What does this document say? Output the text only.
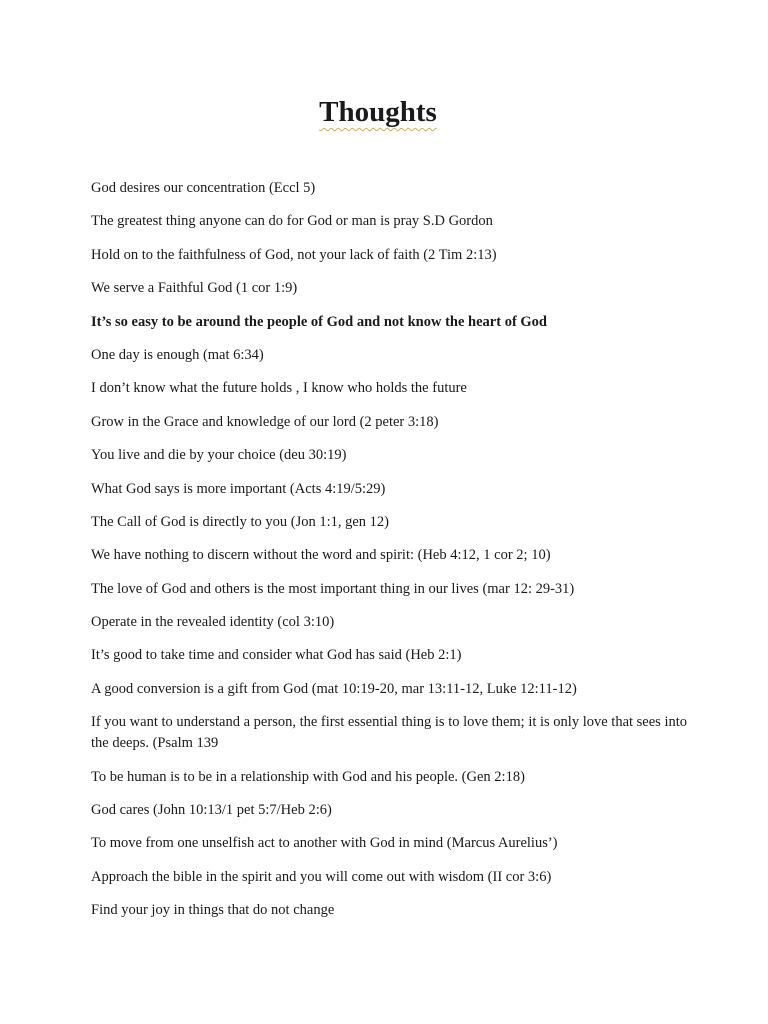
Thoughts
God desires our concentration (Eccl 5)
The greatest thing anyone can do for God or man is pray S.D Gordon
Hold on to the faithfulness of God, not your lack of faith (2 Tim 2:13)
We serve a Faithful God (1 cor 1:9)
It’s so easy to be around the people of God and not know the heart of God
One day is enough (mat 6:34)
I don’t know what the future holds , I know who holds the future
Grow in the Grace and knowledge of our lord (2 peter 3:18)
You live and die by your choice (deu 30:19)
What God says is more important (Acts 4:19/5:29)
The Call of God is directly to you (Jon 1:1, gen 12)
We have nothing to discern without the word and spirit: (Heb 4:12, 1 cor 2; 10)
The love of God and others is the most important thing in our lives (mar 12: 29-31)
Operate in the revealed identity (col 3:10)
It’s good to take time and consider what God has said (Heb 2:1)
A good conversion is a gift from God (mat 10:19-20, mar 13:11-12, Luke 12:11-12)
If you want to understand a person, the first essential thing is to love them; it is only love that sees into the deeps. (Psalm 139
To be human is to be in a relationship with God and his people. (Gen 2:18)
God cares (John 10:13/1 pet 5:7/Heb 2:6)
To move from one unselfish act to another with God in mind (Marcus Aurelius’)
Approach the bible in the spirit and you will come out with wisdom (II cor 3:6)
Find your joy in things that do not change
